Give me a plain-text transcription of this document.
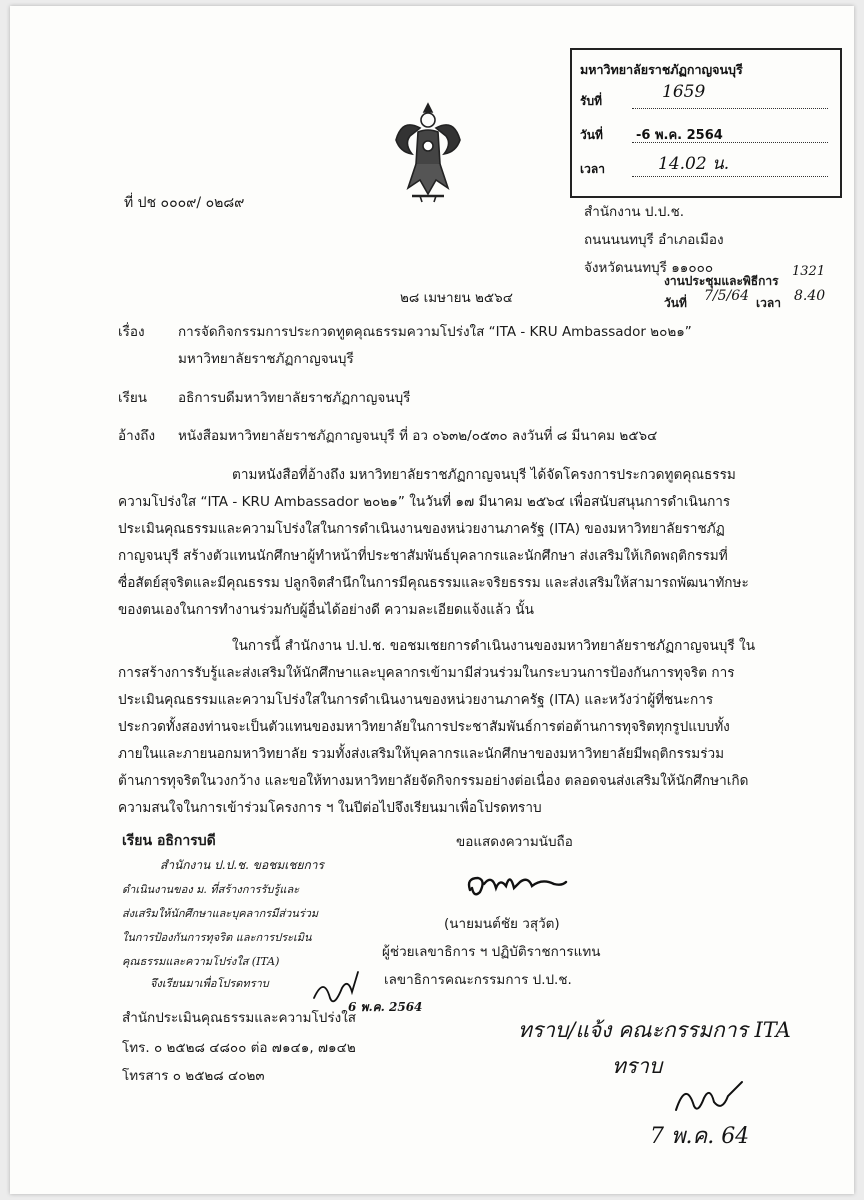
มหาวิทยาลัยราชภัฏกาญจนบุรี
รับที่	1659
วันที่	-6 พ.ค. 2564
เวลา	14.02 น.
ที่ ปช ๐๐๐๙/ ๐๒๘๙
สำนักงาน ป.ป.ช.
ถนนนนทบุรี อำเภอเมือง
จังหวัดนนทบุรี ๑๑๐๐๐
งานประชุมและพิธีการ
1321
วันที่ 7/5/64 เวลา 8.40
๒๘ เมษายน ๒๕๖๔
เรื่อง การจัดกิจกรรมการประกวดทูตคุณธรรมความโปร่งใส “ITA - KRU Ambassador ๒๐๒๑”
มหาวิทยาลัยราชภัฏกาญจนบุรี
เรียน อธิการบดีมหาวิทยาลัยราชภัฏกาญจนบุรี
อ้างถึง หนังสือมหาวิทยาลัยราชภัฏกาญจนบุรี ที่ อว ๐๖๓๒/๐๕๓๐ ลงวันที่ ๘ มีนาคม ๒๕๖๔
ตามหนังสือที่อ้างถึง มหาวิทยาลัยราชภัฏกาญจนบุรี ได้จัดโครงการประกวดทูตคุณธรรม
ความโปร่งใส “ITA - KRU Ambassador ๒๐๒๑” ในวันที่ ๑๗ มีนาคม ๒๕๖๔ เพื่อสนับสนุนการดำเนินการ
ประเมินคุณธรรมและความโปร่งใสในการดำเนินงานของหน่วยงานภาครัฐ (ITA) ของมหาวิทยาลัยราชภัฏ
กาญจนบุรี สร้างตัวแทนนักศึกษาผู้ทำหน้าที่ประชาสัมพันธ์บุคลากรและนักศึกษา ส่งเสริมให้เกิดพฤติกรรมที่
ซื่อสัตย์สุจริตและมีคุณธรรม ปลูกจิตสำนึกในการมีคุณธรรมและจริยธรรม และส่งเสริมให้สามารถพัฒนาทักษะ
ของตนเองในการทำงานร่วมกับผู้อื่นได้อย่างดี ความละเอียดแจ้งแล้ว นั้น
ในการนี้ สำนักงาน ป.ป.ช. ขอชมเชยการดำเนินงานของมหาวิทยาลัยราชภัฏกาญจนบุรี ใน
การสร้างการรับรู้และส่งเสริมให้นักศึกษาและบุคลากรเข้ามามีส่วนร่วมในกระบวนการป้องกันการทุจริต การ
ประเมินคุณธรรมและความโปร่งใสในการดำเนินงานของหน่วยงานภาครัฐ (ITA) และหวังว่าผู้ที่ชนะการ
ประกวดทั้งสองท่านจะเป็นตัวแทนของมหาวิทยาลัยในการประชาสัมพันธ์การต่อต้านการทุจริตทุกรูปแบบทั้ง
ภายในและภายนอกมหาวิทยาลัย รวมทั้งส่งเสริมให้บุคลากรและนักศึกษาของมหาวิทยาลัยมีพฤติกรรมร่วม
ต้านการทุจริตในวงกว้าง และขอให้ทางมหาวิทยาลัยจัดกิจกรรมอย่างต่อเนื่อง ตลอดจนส่งเสริมให้นักศึกษาเกิด
ความสนใจในการเข้าร่วมโครงการ ฯ ในปีต่อไปจึงเรียนมาเพื่อโปรดทราบ
ขอแสดงความนับถือ
(นายมนต์ชัย วสุวัต)
ผู้ช่วยเลขาธิการ ฯ ปฏิบัติราชการแทน
เลขาธิการคณะกรรมการ ป.ป.ช.
เรียน อธิการบดี
สำนักงาน ป.ป.ช. ขอชมเชยการ
ดำเนินงานของ ม. ที่สร้างการรับรู้และ
ส่งเสริมให้นักศึกษาและบุคลากรมีส่วนร่วม
ในการป้องกันการทุจริต และการประเมิน
คุณธรรมและความโปร่งใส (ITA)
จึงเรียนมาเพื่อโปรดทราบ
6 พ.ค. 2564
สำนักประเมินคุณธรรมและความโปร่งใส
โทร. ๐ ๒๕๒๘ ๔๘๐๐ ต่อ ๗๑๔๑, ๗๑๔๒
โทรสาร ๐ ๒๕๒๘ ๔๐๒๓
ทราบ/แจ้ง คณะกรรมการ ITA
ทราบ
7 พ.ค. 64
